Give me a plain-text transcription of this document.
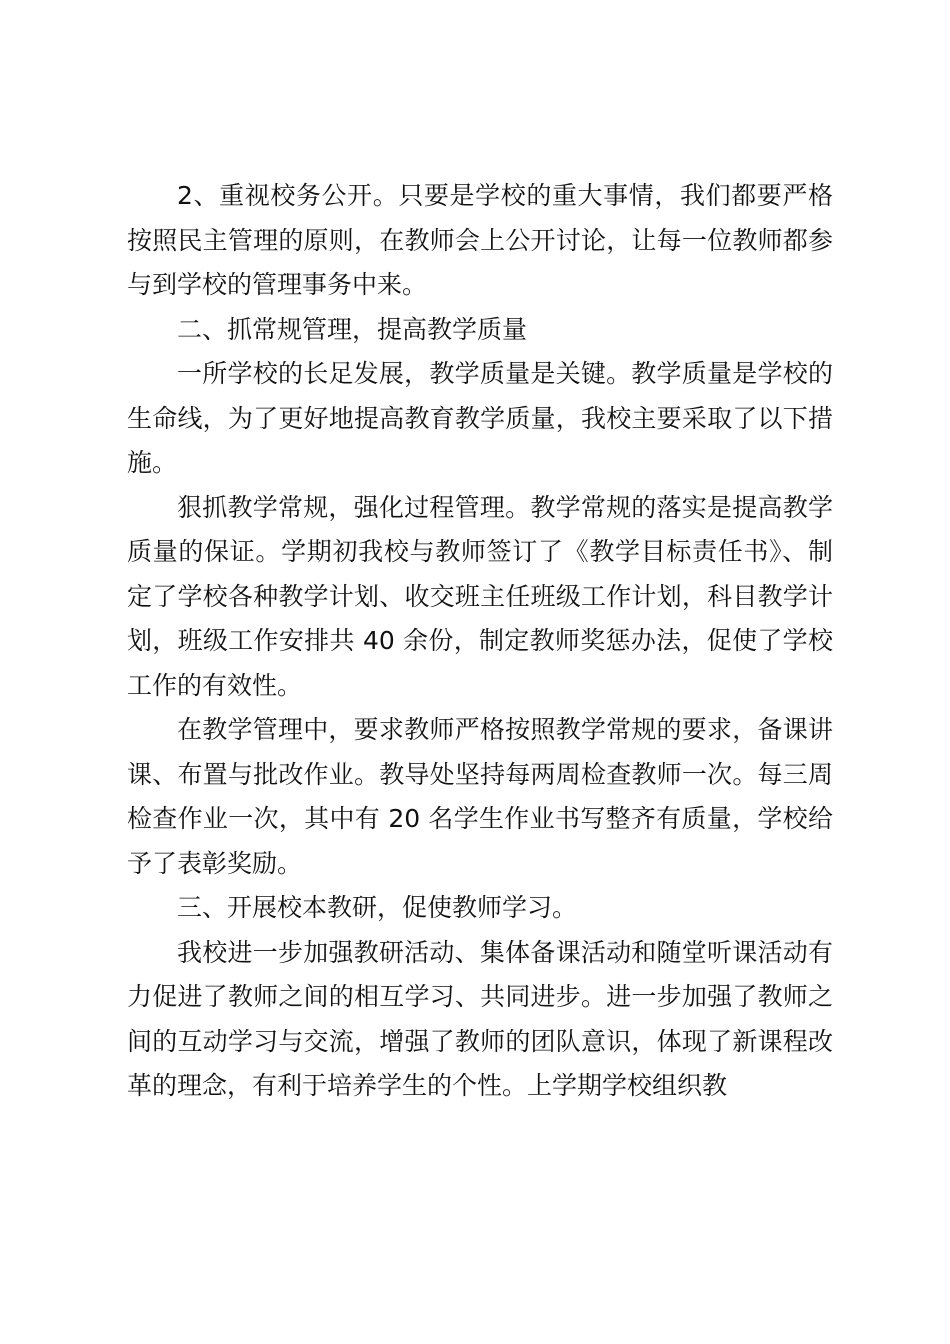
2、重视校务公开。只要是学校的重大事情，我们都要严格按照民主管理的原则，在教师会上公开讨论，让每一位教师都参与到学校的管理事务中来。

二、抓常规管理，提高教学质量

一所学校的长足发展，教学质量是关键。教学质量是学校的生命线，为了更好地提高教育教学质量，我校主要采取了以下措施。

狠抓教学常规，强化过程管理。教学常规的落实是提高教学质量的保证。学期初我校与教师签订了《教学目标责任书》、制定了学校各种教学计划、收交班主任班级工作计划，科目教学计划，班级工作安排共 40 余份，制定教师奖惩办法，促使了学校工作的有效性。

在教学管理中，要求教师严格按照教学常规的要求，备课讲课、布置与批改作业。教导处坚持每两周检查教师一次。每三周检查作业一次，其中有 20 名学生作业书写整齐有质量，学校给予了表彰奖励。

三、开展校本教研，促使教师学习。

我校进一步加强教研活动、集体备课活动和随堂听课活动有力促进了教师之间的相互学习、共同进步。进一步加强了教师之间的互动学习与交流，增强了教师的团队意识，体现了新课程改革的理念，有利于培养学生的个性。上学期学校组织教
